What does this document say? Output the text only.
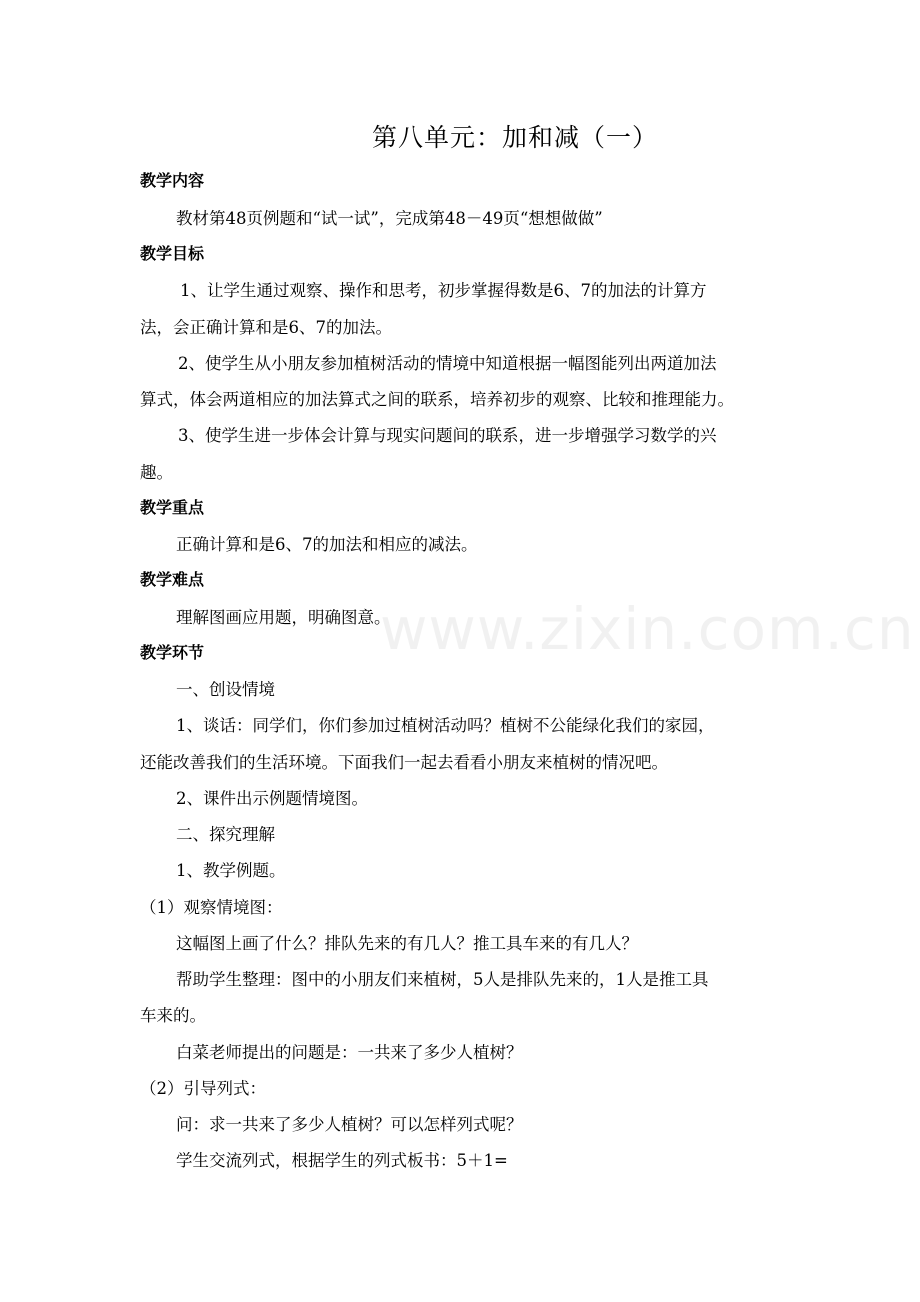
www.zixin.com.cn
第八单元：加和减（一）
教学内容
教材第48页例题和“试一试”，完成第48－49页“想想做做”
教学目标
1、让学生通过观察、操作和思考，初步掌握得数是6、7的加法的计算方
法，会正确计算和是6、7的加法。
2、使学生从小朋友参加植树活动的情境中知道根据一幅图能列出两道加法
算式，体会两道相应的加法算式之间的联系，培养初步的观察、比较和推理能力。
3、使学生进一步体会计算与现实问题间的联系，进一步增强学习数学的兴
趣。
教学重点
正确计算和是6、7的加法和相应的减法。
教学难点
理解图画应用题，明确图意。
教学环节
一、创设情境
1、谈话：同学们，你们参加过植树活动吗？植树不公能绿化我们的家园，
还能改善我们的生活环境。下面我们一起去看看小朋友来植树的情况吧。
2、课件出示例题情境图。
二、探究理解
1、教学例题。
（1）观察情境图：
这幅图上画了什么？排队先来的有几人？推工具车来的有几人？
帮助学生整理：图中的小朋友们来植树，5人是排队先来的，1人是推工具
车来的。
白菜老师提出的问题是：一共来了多少人植树？
（2）引导列式：
问：求一共来了多少人植树？可以怎样列式呢？
学生交流列式，根据学生的列式板书：5＋1=
